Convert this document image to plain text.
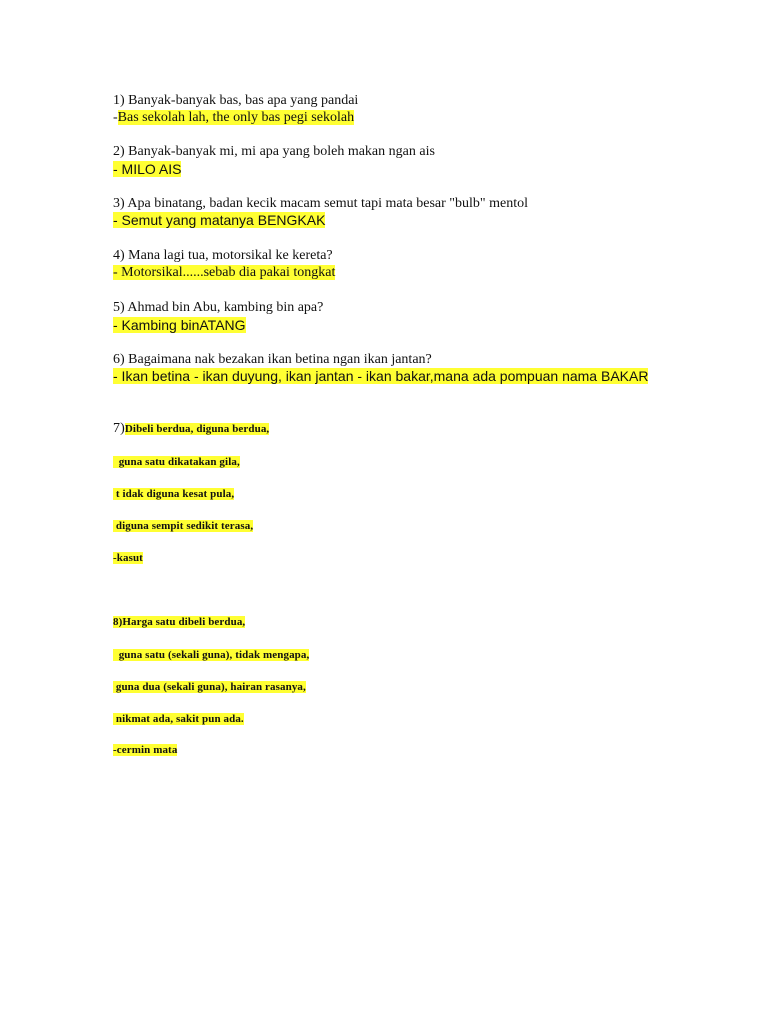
1) Banyak-banyak bas, bas apa yang pandai
-Bas sekolah lah, the only bas pegi sekolah
2) Banyak-banyak mi, mi apa yang boleh makan ngan ais
- MILO AIS
3) Apa binatang, badan kecik macam semut tapi mata besar "bulb" mentol
- Semut yang matanya BENGKAK
4) Mana lagi tua, motorsikal ke kereta?
- Motorsikal......sebab dia pakai tongkat
5) Ahmad bin Abu, kambing bin apa?
- Kambing binATANG
6) Bagaimana nak bezakan ikan betina ngan ikan jantan?
- Ikan betina - ikan duyung, ikan jantan - ikan bakar,mana ada pompuan nama BAKAR
7)Dibeli berdua, diguna berdua,
guna satu dikatakan gila,
t idak diguna kesat pula,
diguna sempit sedikit terasa,
-kasut
8)Harga satu dibeli berdua,
guna satu (sekali guna), tidak mengapa,
guna dua (sekali guna), hairan rasanya,
nikmat ada, sakit pun ada.
-cermin mata
